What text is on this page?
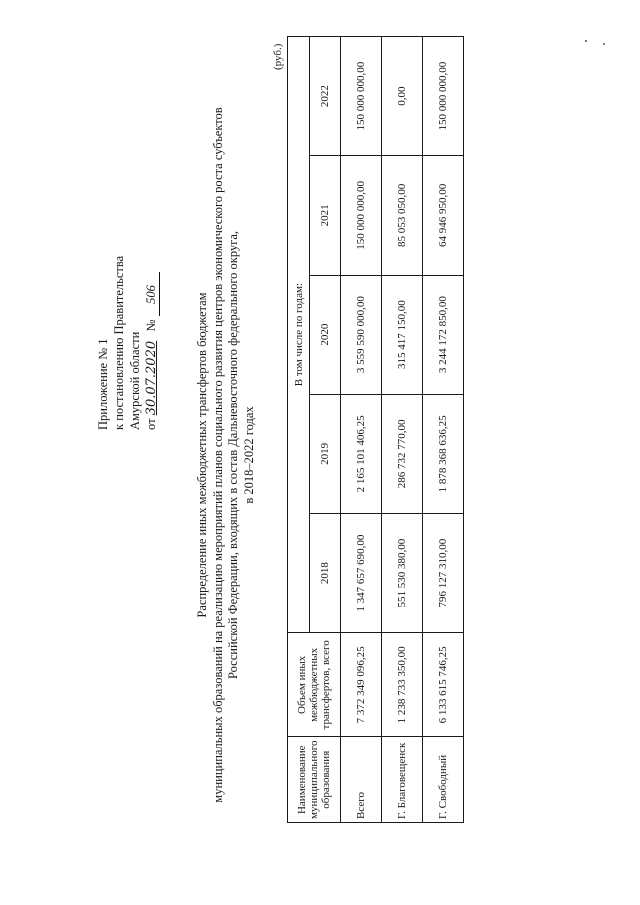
Приложение № 1 к постановлению Правительства Амурской области от 30.07.2020   № 506	Распределение иных межбюджетных трансфертов бюджетам муниципальных образований на реализацию мероприятий планов социального развития центров экономического роста субъектов Российской Федерации, входящих в состав Дальневосточного федерального округа, в 2018–2022 годах
(руб.)
Наименование муниципального образования	Объем иных межбюджетных трансфертов, всего	В том числе по годам:				
		2018	2019	2020	2021	2022
Всего	7 372 349 096,25	1 347 657 690,00	2 165 101 406,25	3 559 590 000,00	150 000 000,00	150 000 000,00
Г. Благовещенск	1 238 733 350,00	551 530 380,00	286 732 770,00	315 417 150,00	85 053 050,00	0,00
Г. Свободный	6 133 615 746,25	796 127 310,00	1 878 368 636,25	3 244 172 850,00	64 946 950,00	150 000 000,00
